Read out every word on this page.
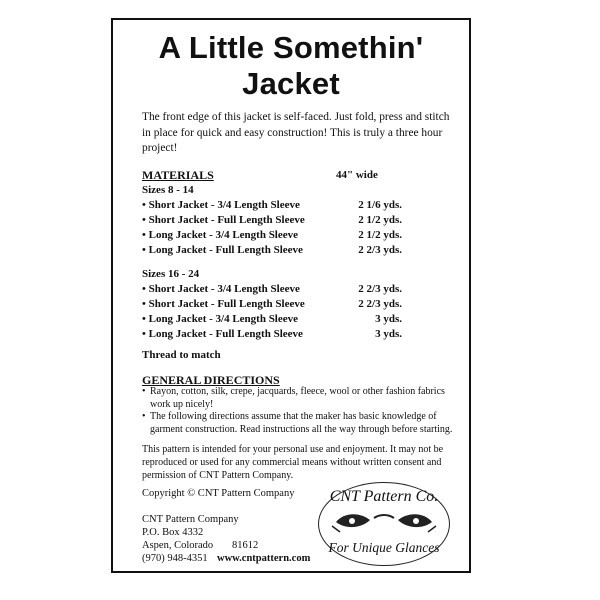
A Little Somethin'
Jacket
The front edge of this jacket is self-faced. Just fold, press and stitch in place for quick and easy construction! This is truly a three hour project!
MATERIALS	44" wide
Sizes 8 - 14
• Short Jacket - 3/4 Length Sleeve	2 1/6 yds.
• Short Jacket - Full Length Sleeve	2 1/2 yds.
• Long Jacket - 3/4 Length Sleeve	2 1/2 yds.
• Long Jacket - Full Length Sleeve	2 2/3 yds.
Sizes 16 - 24
• Short Jacket - 3/4 Length Sleeve	2 2/3 yds.
• Short Jacket - Full Length Sleeve	2 2/3 yds.
• Long Jacket - 3/4 Length Sleeve	3 yds.
• Long Jacket - Full Length Sleeve	3 yds.
Thread to match
GENERAL DIRECTIONS
• Rayon, cotton, silk, crepe, jacquards, fleece, wool or other fashion fabrics work up nicely!
• The following directions assume that the maker has basic knowledge of garment construction. Read instructions all the way through before starting.
This pattern is intended for your personal use and enjoyment. It may not be reproduced or used for any commercial means without written consent and permission of CNT Pattern Company.
Copyright © CNT Pattern Company
CNT Pattern Company
P.O. Box 4332
Aspen, Colorado 81612
(970) 948-4351 www.cntpattern.com
CNT Pattern Co.
For Unique Glances
